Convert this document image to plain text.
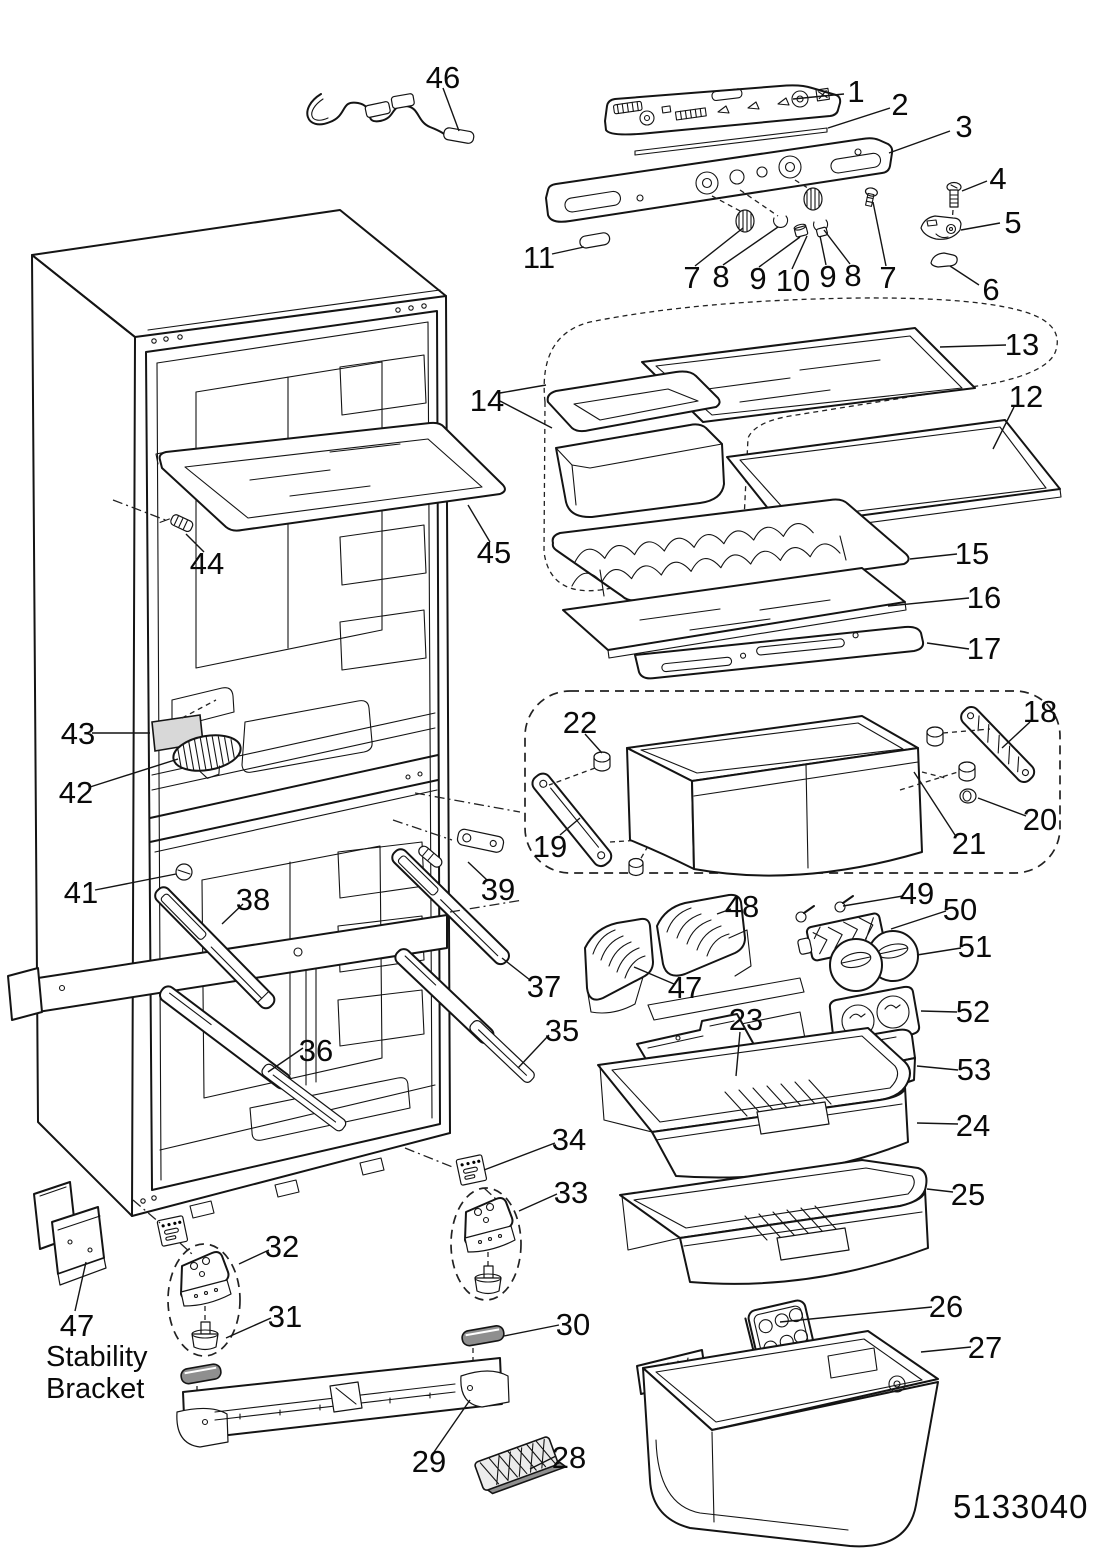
46	1 2
3
4
5
6
11
7 8 9 10 9 8 7
13
12
14
44	45	15
16
17
22	18
19
20
21
43
42
41	38	39
37
36
35
48	49 50
51
52
53
47
23
24
25
26
27
34
33
32
31	30
29	28
47
Stability
Bracket
5133040
